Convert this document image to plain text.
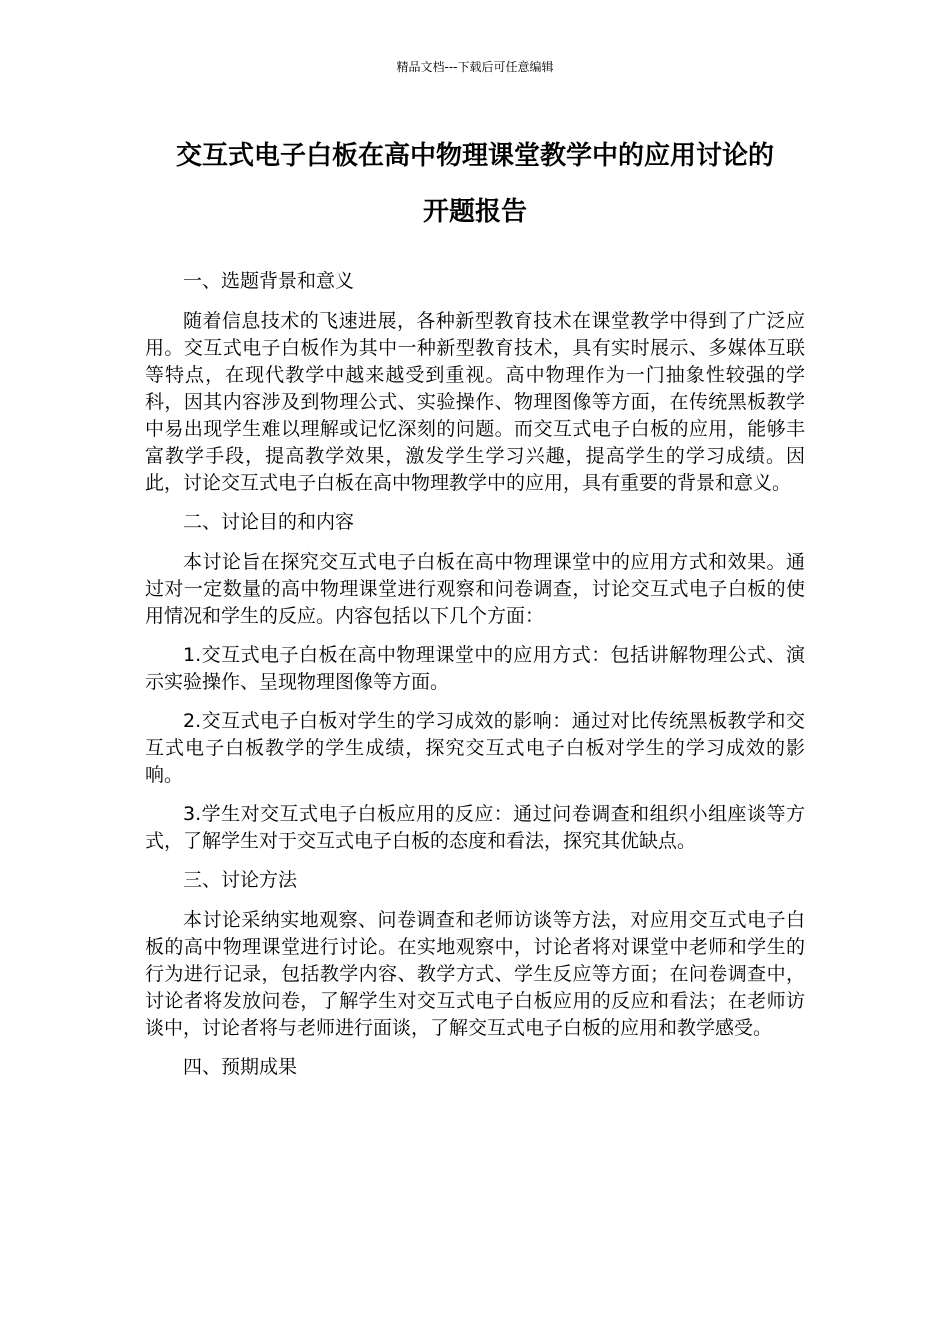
精品文档---下载后可任意编辑
交互式电子白板在高中物理课堂教学中的应用讨论的
开题报告

一、选题背景和意义

随着信息技术的飞速进展，各种新型教育技术在课堂教学中得到了广泛应用。交互式电子白板作为其中一种新型教育技术，具有实时展示、多媒体互联等特点，在现代教学中越来越受到重视。高中物理作为一门抽象性较强的学科，因其内容涉及到物理公式、实验操作、物理图像等方面，在传统黑板教学中易出现学生难以理解或记忆深刻的问题。而交互式电子白板的应用，能够丰富教学手段，提高教学效果，激发学生学习兴趣，提高学生的学习成绩。因此，讨论交互式电子白板在高中物理教学中的应用，具有重要的背景和意义。

二、讨论目的和内容

本讨论旨在探究交互式电子白板在高中物理课堂中的应用方式和效果。通过对一定数量的高中物理课堂进行观察和问卷调查，讨论交互式电子白板的使用情况和学生的反应。内容包括以下几个方面：

1.交互式电子白板在高中物理课堂中的应用方式：包括讲解物理公式、演示实验操作、呈现物理图像等方面。

2.交互式电子白板对学生的学习成效的影响：通过对比传统黑板教学和交互式电子白板教学的学生成绩，探究交互式电子白板对学生的学习成效的影响。

3.学生对交互式电子白板应用的反应：通过问卷调查和组织小组座谈等方式，了解学生对于交互式电子白板的态度和看法，探究其优缺点。

三、讨论方法

本讨论采纳实地观察、问卷调查和老师访谈等方法，对应用交互式电子白板的高中物理课堂进行讨论。在实地观察中，讨论者将对课堂中老师和学生的行为进行记录，包括教学内容、教学方式、学生反应等方面；在问卷调查中，讨论者将发放问卷，了解学生对交互式电子白板应用的反应和看法；在老师访谈中，讨论者将与老师进行面谈，了解交互式电子白板的应用和教学感受。

四、预期成果
